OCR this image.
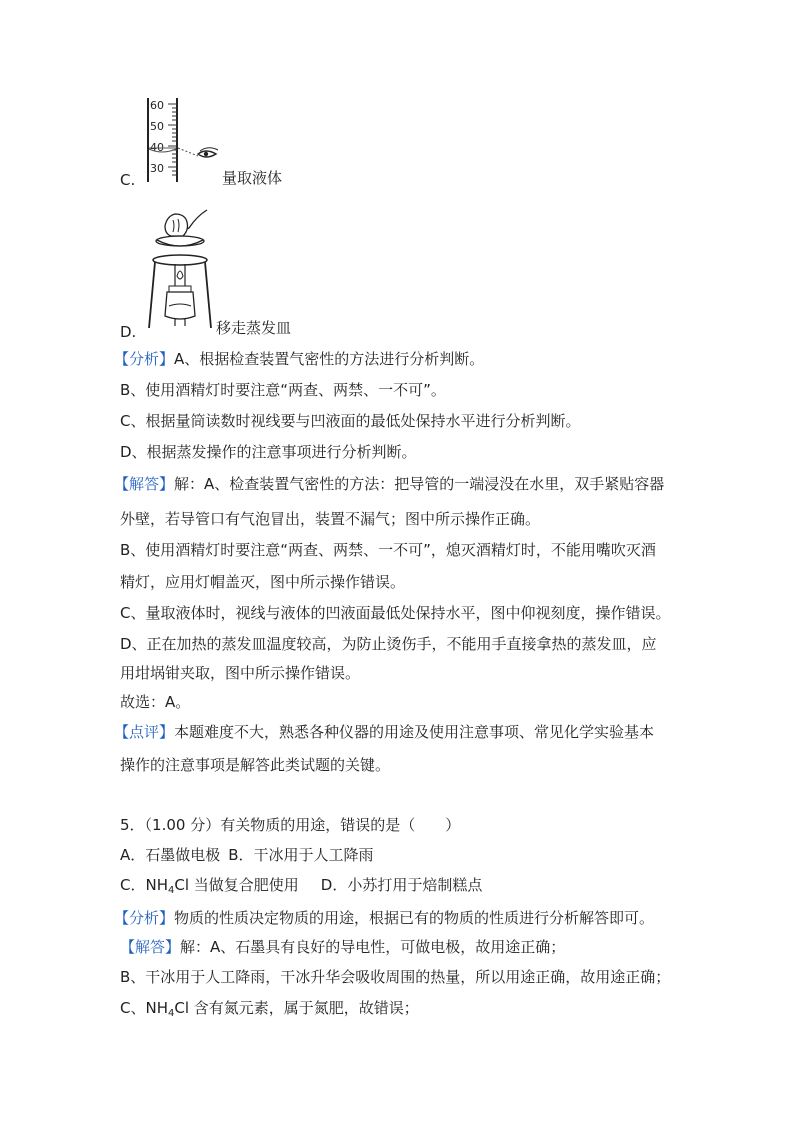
60
50
40
30
C.	量取液体
D.	移走蒸发皿
【分析】A、根据检查装置气密性的方法进行分析判断。
B、使用酒精灯时要注意“两查、两禁、一不可”。
C、根据量筒读数时视线要与凹液面的最低处保持水平进行分析判断。
D、根据蒸发操作的注意事项进行分析判断。
【解答】解：A、检查装置气密性的方法：把导管的一端浸没在水里，双手紧贴容器
外壁，若导管口有气泡冒出，装置不漏气；图中所示操作正确。
B、使用酒精灯时要注意“两查、两禁、一不可”，熄灭酒精灯时，不能用嘴吹灭酒
精灯，应用灯帽盖灭，图中所示操作错误。
C、量取液体时，视线与液体的凹液面最低处保持水平，图中仰视刻度，操作错误。
D、正在加热的蒸发皿温度较高，为防止烫伤手，不能用手直接拿热的蒸发皿，应
用坩埚钳夹取，图中所示操作错误。
故选：A。
【点评】本题难度不大，熟悉各种仪器的用途及使用注意事项、常见化学实验基本
操作的注意事项是解答此类试题的关键。
5．（1.00 分）有关物质的用途，错误的是（　　）
A．石墨做电极 B．干冰用于人工降雨
C．$NH_4Cl$ 当做复合肥使用 D．小苏打用于焙制糕点
【分析】物质的性质决定物质的用途，根据已有的物质的性质进行分析解答即可。
【解答】解：A、石墨具有良好的导电性，可做电极，故用途正确；
B、干冰用于人工降雨，干冰升华会吸收周围的热量，所以用途正确，故用途正确；
C、$NH_4Cl$ 含有氮元素，属于氮肥，故错误；
